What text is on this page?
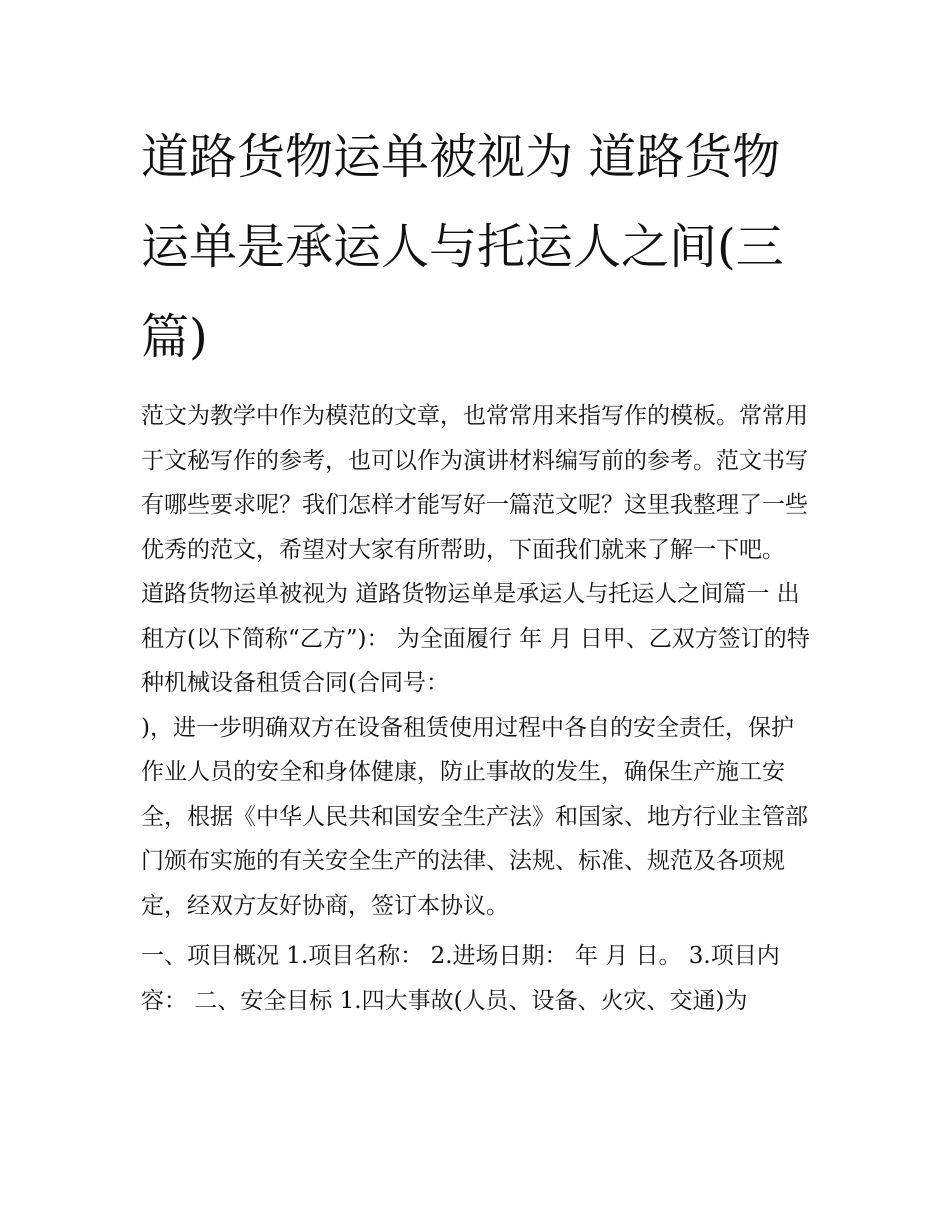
道路货物运单被视为 道路货物运单是承运人与托运人之间(三篇)

范文为教学中作为模范的文章，也常常用来指写作的模板。常常用于文秘写作的参考，也可以作为演讲材料编写前的参考。范文书写有哪些要求呢？我们怎样才能写好一篇范文呢？这里我整理了一些优秀的范文，希望对大家有所帮助，下面我们就来了解一下吧。

道路货物运单被视为 道路货物运单是承运人与托运人之间篇一 出租方(以下简称“乙方”)： 为全面履行 年 月 日甲、乙双方签订的特种机械设备租赁合同(合同号：

)，进一步明确双方在设备租赁使用过程中各自的安全责任，保护作业人员的安全和身体健康，防止事故的发生，确保生产施工安全，根据《中华人民共和国安全生产法》和国家、地方行业主管部门颁布实施的有关安全生产的法律、法规、标准、规范及各项规定，经双方友好协商，签订本协议。

一、项目概况 1.项目名称： 2.进场日期： 年 月 日。 3.项目内容： 二、安全目标 1.四大事故(人员、设备、火灾、交通)为
